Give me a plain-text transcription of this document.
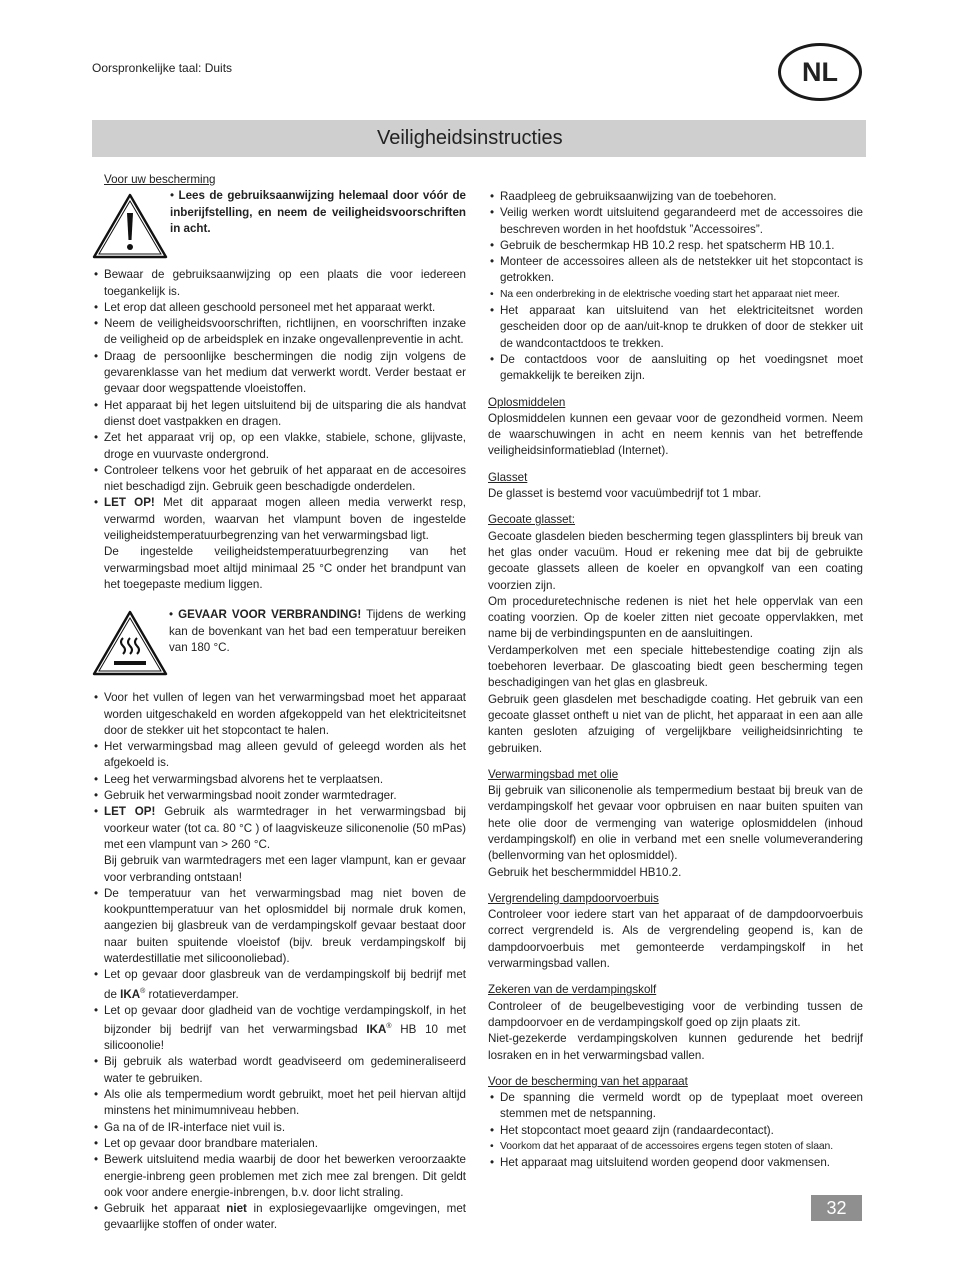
Oorspronkelijke taal: Duits	NL
Veiligheidsinstructies

Voor uw bescherming

• Lees de gebruiksaanwijzing helemaal door vóór de inberijfstelling, en neem de veiligheidsvoorschriften in acht.
• Bewaar de gebruiksaanwijzing op een plaats die voor iedereen toegankelijk is.
• Let erop dat alleen geschoold personeel met het apparaat werkt.
• Neem de veiligheidsvoorschriften, richtlijnen, en voorschriften inzake de veiligheid op de arbeidsplek en inzake ongevallenpreventie in acht.
• Draag de persoonlijke beschermingen die nodig zijn volgens de gevarenklasse van het medium dat verwerkt wordt. Verder bestaat er gevaar door wegspattende vloeistoffen.
• Het apparaat bij het legen uitsluitend bij de uitsparing die als handvat dienst doet vastpakken en dragen.
• Zet het apparaat vrij op, op een vlakke, stabiele, schone, glijvaste, droge en vuurvaste ondergrond.
• Controleer telkens voor het gebruik of het apparaat en de accesoires niet beschadigd zijn. Gebruik geen beschadigde onderdelen.
• LET OP! Met dit apparaat mogen alleen media verwerkt resp, verwarmd worden, waarvan het vlampunt boven de ingestelde veiligheidstemperatuurbegrenzing van het verwarmingsbad ligt.

De ingestelde veiligheidstemperatuurbegrenzing van het verwarmingsbad moet altijd minimaal 25 °C onder het brandpunt van het toegepaste medium liggen.

• GEVAAR VOOR VERBRANDING! Tijdens de werking kan de bovenkant van het bad een temperatuur bereiken van 180 °C.
• Voor het vullen of legen van het verwarmingsbad moet het apparaat worden uitgeschakeld en worden afgekoppeld van het elektriciteitsnet door de stekker uit het stopcontact te halen.
• Het verwarmingsbad mag alleen gevuld of geleegd worden als het afgekoeld is.
• Leeg het verwarmingsbad alvorens het te verplaatsen.
• Gebruik het verwarmingsbad nooit zonder warmtedrager.
• LET OP! Gebruik als warmtedrager in het verwarmingsbad bij voorkeur water (tot ca. 80 °C ) of laagviskeuze siliconenolie (50 mPas) met een vlampunt van > 260 °C.

Bij gebruik van warmtedragers met een lager vlampunt, kan er gevaar voor verbranding ontstaan!

• De temperatuur van het verwarmingsbad mag niet boven de kookpunttemperatuur van het oplosmiddel bij normale druk komen, aangezien bij glasbreuk van de verdampingskolf gevaar bestaat door naar buiten spuitende vloeistof (bijv. breuk verdampingskolf bij waterdestillatie met silicoonoliebad).
• Let op gevaar door glasbreuk van de verdampingskolf bij bedrijf met de IKA® rotatieverdamper.
• Let op gevaar door gladheid van de vochtige verdampingskolf, in het bijzonder bij bedrijf van het verwarmingsbad IKA® HB 10 met silicoonolie!
• Bij gebruik als waterbad wordt geadviseerd om gedemineraliseerd water te gebruiken.
• Als olie als tempermedium wordt gebruikt, moet het peil hiervan altijd minstens het minimumniveau hebben.
• Ga na of de IR-interface niet vuil is.
• Let op gevaar door brandbare materialen.
• Bewerk uitsluitend media waarbij de door het bewerken veroorzaakte energie-inbreng geen problemen met zich mee zal brengen. Dit geldt ook voor andere energie-inbrengen, b.v. door licht straling.
• Gebruik het apparaat niet in explosiegevaarlijke omgevingen, met gevaarlijke stoffen of onder water.
• Raadpleeg de gebruiksaanwijzing van de toebehoren.
• Veilig werken wordt uitsluitend gegarandeerd met de accessoires die beschreven worden in het hoofdstuk ”Accessoires”.
• Gebruik de beschermkap HB 10.2 resp. het spatscherm HB 10.1.
• Monteer de accessoires alleen als de netstekker uit het stopcontact is getrokken.
• Na een onderbreking in de elektrische voeding start het apparaat niet meer.
• Het apparaat kan uitsluitend van het elektriciteitsnet worden gescheiden door op de aan/uit-knop te drukken of door de stekker uit de wandcontactdoos te trekken.
• De contactdoos voor de aansluiting op het voedingsnet moet gemakkelijk te bereiken zijn.

Oplosmiddelen

Oplosmiddelen kunnen een gevaar voor de gezondheid vormen. Neem de waarschuwingen in acht en neem kennis van het betreffende veiligheidsinformatieblad (Internet).

Glasset

De glasset is bestemd voor vacuümbedrijf tot 1 mbar.

Gecoate glasset:

Gecoate glasdelen bieden bescherming tegen glassplinters bij breuk van het glas onder vacuüm. Houd er rekening mee dat bij de gebruikte gecoate glassets alleen de koeler en opvangkolf van een coating voorzien zijn.

Om proceduretechnische redenen is niet het hele oppervlak van een coating voorzien. Op de koeler zitten niet gecoate oppervlakken, met name bij de verbindingspunten en de aansluitingen.

Verdamperkolven met een speciale hittebestendige coating zijn als toebehoren leverbaar. De glascoating biedt geen bescherming tegen beschadigingen van het glas en glasbreuk.

Gebruik geen glasdelen met beschadigde coating. Het gebruik van een gecoate glasset ontheft u niet van de plicht, het apparaat in een aan alle kanten gesloten afzuiging of vergelijkbare veiligheidsinrichting te gebruiken.

Verwarmingsbad met olie

Bij gebruik van siliconenolie als tempermedium bestaat bij breuk van de verdampingskolf het gevaar voor opbruisen en naar buiten spuiten van hete olie door de vermenging van waterige oplosmiddelen (inhoud verdampingskolf) en olie in verband met een snelle volumeverandering (bellenvorming van het oplosmiddel).

Gebruik het beschermmiddel HB10.2.

Vergrendeling dampdoorvoerbuis

Controleer voor iedere start van het apparaat of de dampdoorvoerbuis correct vergrendeld is. Als de vergrendeling geopend is, kan de dampdoorvoerbuis met gemonteerde verdampingskolf in het verwarmingsbad vallen.

Zekeren van de verdampingskolf

Controleer of de beugelbevestiging voor de verbinding tussen de dampdoorvoer en de verdampingskolf goed op zijn plaats zit.

Niet-gezekerde verdampingskolven kunnen gedurende het bedrijf losraken en in het verwarmingsbad vallen.

Voor de bescherming van het apparaat

• De spanning die vermeld wordt op de typeplaat moet overeen stemmen met de netspanning.
• Het stopcontact moet geaard zijn (randaardecontact).
• Voorkom dat het apparaat of de accessoires ergens tegen stoten of slaan.
• Het apparaat mag uitsluitend worden geopend door vakmensen.
32
